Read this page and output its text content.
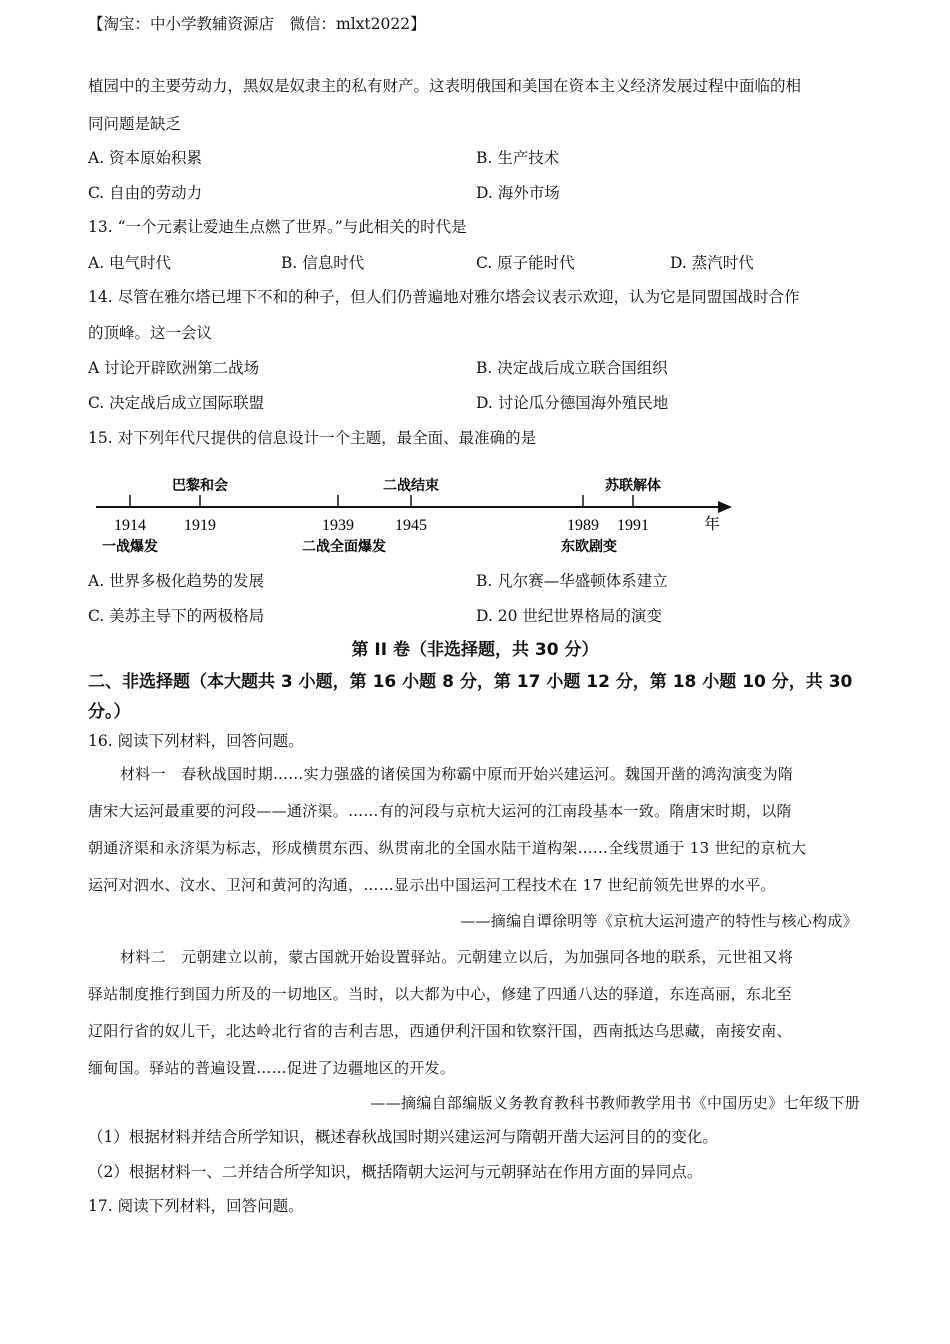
【淘宝：中小学教辅资源店　微信：mlxt2022】
植园中的主要劳动力，黑奴是奴隶主的私有财产。这表明俄国和美国在资本主义经济发展过程中面临的相
同问题是缺乏
A. 资本原始积累	B. 生产技术
C. 自由的劳动力	D. 海外市场
13. “一个元素让爱迪生点燃了世界。”与此相关的时代是
A. 电气时代	B. 信息时代	C. 原子能时代	D. 蒸汽时代
14. 尽管在雅尔塔已埋下不和的种子，但人们仍普遍地对雅尔塔会议表示欢迎，认为它是同盟国战时合作
的顶峰。这一会议
A 讨论开辟欧洲第二战场	B. 决定战后成立联合国组织
C. 决定战后成立国际联盟	D. 讨论瓜分德国海外殖民地
15. 对下列年代尺提供的信息设计一个主题，最全面、最准确的是
1914 1919	1939	1945	1989 1991
巴黎和会	二战结束	苏联解体
一战爆发	二战全面爆发	东欧剧变
年
A. 世界多极化趋势的发展	B. 凡尔赛—华盛顿体系建立
C. 美苏主导下的两极格局	D. 20 世纪世界格局的演变
第 II 卷（非选择题，共 30 分）
二、非选择题（本大题共 3 小题，第 16 小题 8 分，第 17 小题 12 分，第 18 小题 10 分，共 30
分。）
16. 阅读下列材料，回答问题。
材料一　春秋战国时期……实力强盛的诸侯国为称霸中原而开始兴建运河。魏国开凿的鸿沟演变为隋
唐宋大运河最重要的河段——通济渠。……有的河段与京杭大运河的江南段基本一致。隋唐宋时期，以隋
朝通济渠和永济渠为标志，形成横贯东西、纵贯南北的全国水陆干道构架……全线贯通于 13 世纪的京杭大
运河对泗水、汶水、卫河和黄河的沟通，……显示出中国运河工程技术在 17 世纪前领先世界的水平。
——摘编自谭徐明等《京杭大运河遗产的特性与核心构成》
材料二　元朝建立以前，蒙古国就开始设置驿站。元朝建立以后，为加强同各地的联系，元世祖又将
驿站制度推行到国力所及的一切地区。当时，以大都为中心，修建了四通八达的驿道，东连高丽，东北至
辽阳行省的奴儿干，北达岭北行省的吉利吉思，西通伊利汗国和钦察汗国，西南抵达乌思藏，南接安南、
缅甸国。驿站的普遍设置……促进了边疆地区的开发。
——摘编自部编版义务教育教科书教师教学用书《中国历史》七年级下册
（1）根据材料并结合所学知识，概述春秋战国时期兴建运河与隋朝开凿大运河目的的变化。
（2）根据材料一、二并结合所学知识，概括隋朝大运河与元朝驿站在作用方面的异同点。
17. 阅读下列材料，回答问题。
